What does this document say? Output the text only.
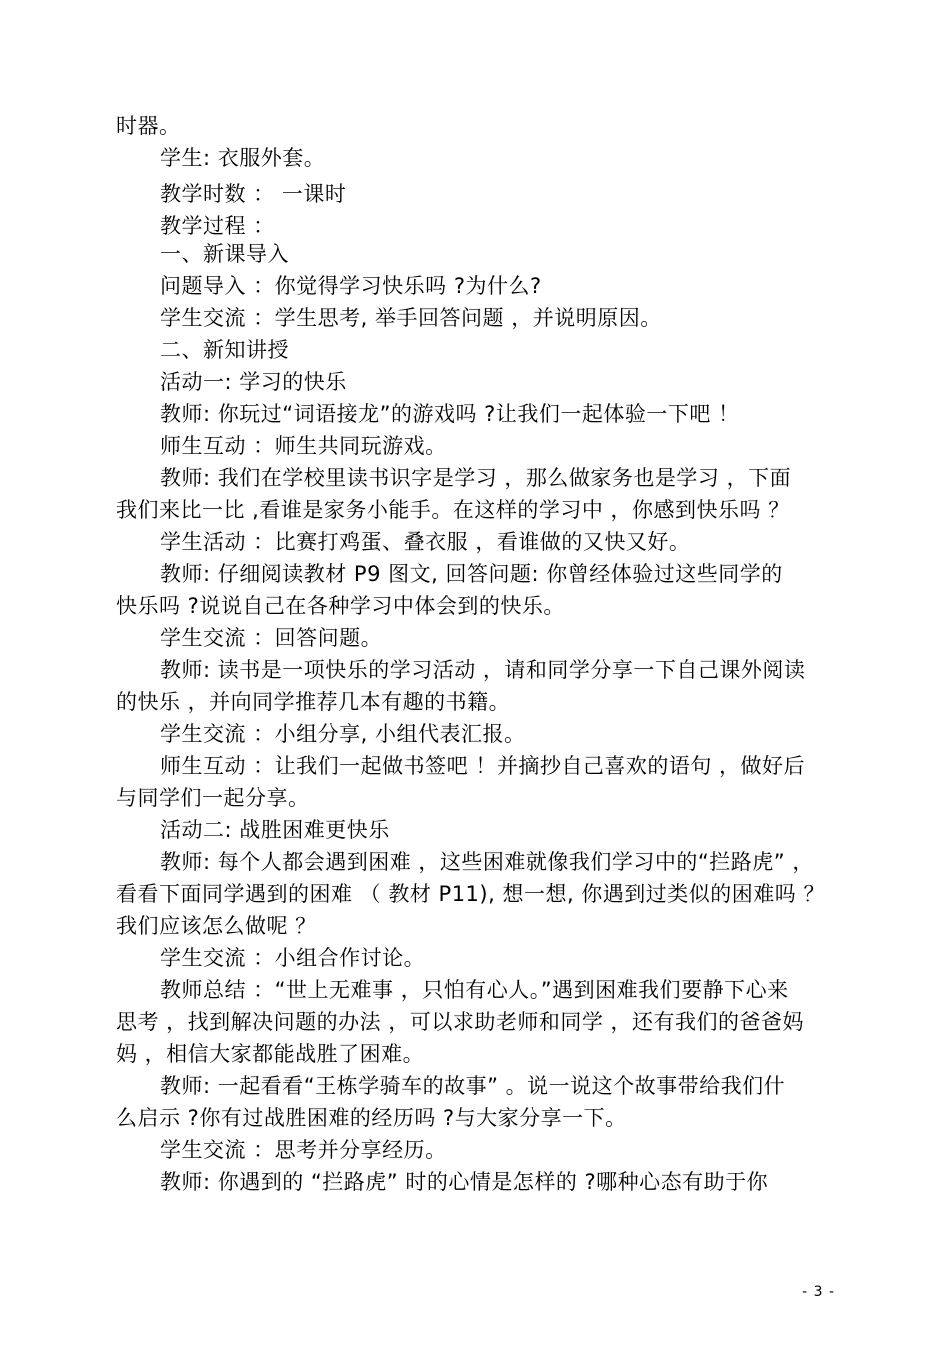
时器。
学生: 衣服外套。
教学时数 ： 一课时
教学过程 ：
一、新课导入
问题导入 ：你觉得学习快乐吗 ?为什么?
学生交流 ：学生思考, 举手回答问题 ，并说明原因。
二、新知讲授
活动一: 学习的快乐
教师: 你玩过“词语接龙”的游戏吗 ?让我们一起体验一下吧 ！
师生互动 ：师生共同玩游戏。
教师: 我们在学校里读书识字是学习 ，那么做家务也是学习 ，下面
我们来比一比 ,看谁是家务小能手。在这样的学习中 ，你感到快乐吗 ？
学生活动 ：比赛打鸡蛋、叠衣服 ，看谁做的又快又好。
教师: 仔细阅读教材 P9 图文, 回答问题: 你曾经体验过这些同学的
快乐吗 ?说说自己在各种学习中体会到的快乐。
学生交流 ：回答问题。
教师: 读书是一项快乐的学习活动 ，请和同学分享一下自己课外阅读
的快乐 ，并向同学推荐几本有趣的书籍。
学生交流 ：小组分享, 小组代表汇报。
师生互动 ：让我们一起做书签吧 ！并摘抄自己喜欢的语句 ，做好后
与同学们一起分享。
活动二: 战胜困难更快乐
教师: 每个人都会遇到困难 ，这些困难就像我们学习中的“拦路虎” ，
看看下面同学遇到的困难 （ 教材 P11), 想一想, 你遇到过类似的困难吗 ？
我们应该怎么做呢 ？
学生交流 ：小组合作讨论。
教师总结 ：“世上无难事 ，只怕有心人。”遇到困难我们要静下心来
思考 ，找到解决问题的办法 ，可以求助老师和同学 ，还有我们的爸爸妈
妈 ，相信大家都能战胜了困难。
教师: 一起看看“王栋学骑车的故事” 。说一说这个故事带给我们什
么启示 ?你有过战胜困难的经历吗 ?与大家分享一下。
学生交流 ：思考并分享经历。
教师: 你遇到的 “拦路虎” 时的心情是怎样的 ?哪种心态有助于你
- 3 -
